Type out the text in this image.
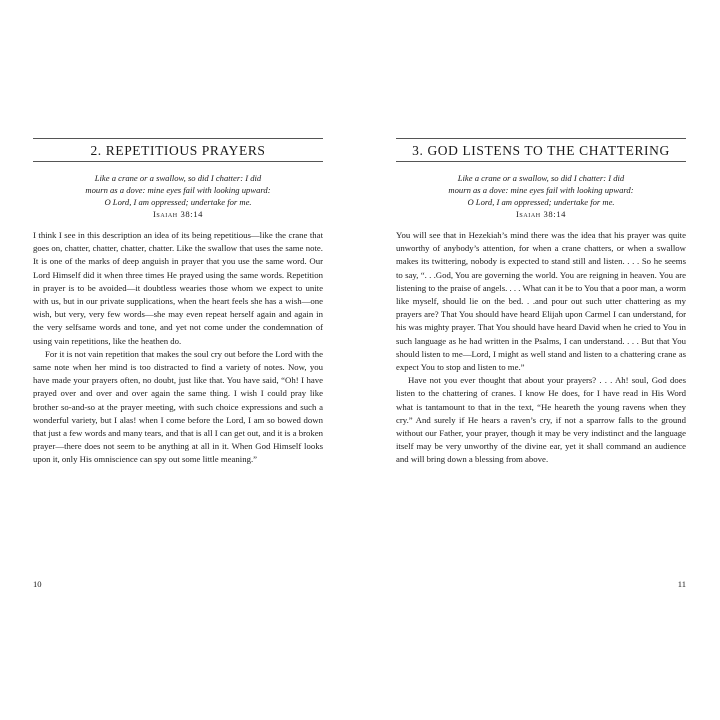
2. REPETITIOUS PRAYERS
Like a crane or a swallow, so did I chatter: I did
mourn as a dove: mine eyes fail with looking upward:
O Lord, I am oppressed; undertake for me.
Isaiah 38:14

I think I see in this description an idea of its being repetitious—like the crane that goes on, chatter, chatter, chatter, chatter. Like the swallow that uses the same note. It is one of the marks of deep anguish in prayer that you use the same word. Our Lord Himself did it when three times He prayed using the same words. Repetition in prayer is to be avoided—it doubtless wearies those whom we expect to unite with us, but in our private supplications, when the heart feels she has a wish—one wish, but very, very few words—she may even repeat herself again and again in the very selfsame words and tone, and yet not come under the condemnation of using vain repetitions, like the heathen do.

For it is not vain repetition that makes the soul cry out before the Lord with the same note when her mind is too distracted to find a variety of notes. Now, you have made your prayers often, no doubt, just like that. You have said, “Oh! I have prayed over and over and over again the same thing. I wish I could pray like brother so-and-so at the prayer meeting, with such choice expressions and such a wonderful variety, but I alas! when I come before the Lord, I am so bowed down that just a few words and many tears, and that is all I can get out, and it is a broken prayer—there does not seem to be anything at all in it. When God Himself looks upon it, only His omniscience can spy out some little meaning.”

10
3. GOD LISTENS TO THE CHATTERING
Like a crane or a swallow, so did I chatter: I did
mourn as a dove: mine eyes fail with looking upward:
O Lord, I am oppressed; undertake for me.
Isaiah 38:14

You will see that in Hezekiah’s mind there was the idea that his prayer was quite unworthy of anybody’s attention, for when a crane chatters, or when a swallow makes its twittering, nobody is expected to stand still and listen. . . . So he seems to say, “. . .God, You are governing the world. You are reigning in heaven. You are listening to the praise of angels. . . . What can it be to You that a poor man, a worm like myself, should lie on the bed. . .and pour out such utter chattering as my prayers are? That You should have heard Elijah upon Carmel I can understand, for his was mighty prayer. That You should have heard David when he cried to You in such language as he had written in the Psalms, I can understand. . . . But that You should listen to me—Lord, I might as well stand and listen to a chattering crane as expect You to stop and listen to me.”

Have not you ever thought that about your prayers? . . . Ah! soul, God does listen to the chattering of cranes. I know He does, for I have read in His Word what is tantamount to that in the text, “He heareth the young ravens when they cry.” And surely if He hears a raven’s cry, if not a sparrow falls to the ground without our Father, your prayer, though it may be very indistinct and the language itself may be very unworthy of the divine ear, yet it shall command an audience and will bring down a blessing from above.

11
